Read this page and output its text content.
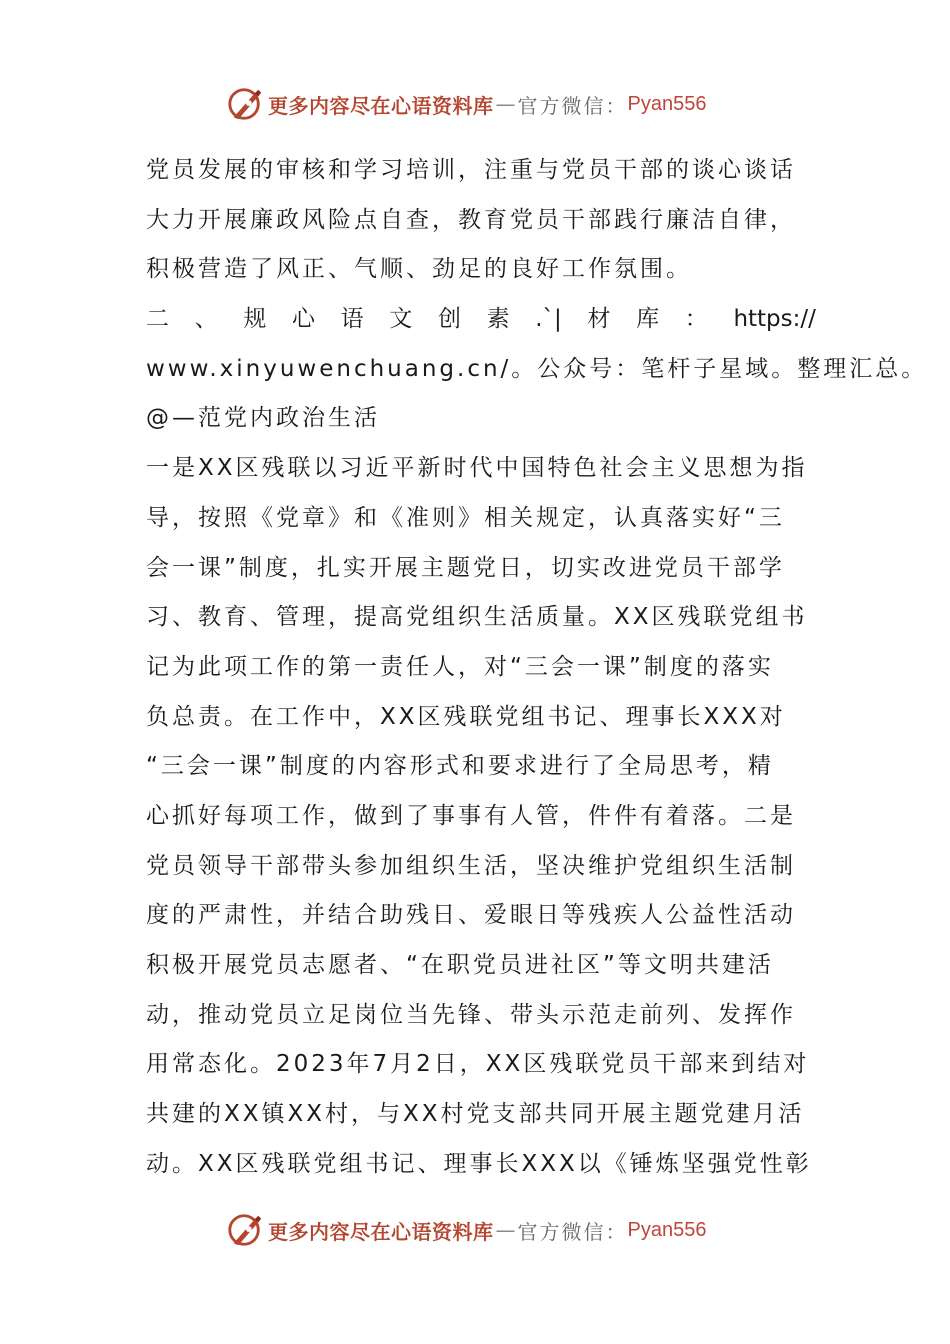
更多内容尽在心语资料库 — 官方微信： Pyan556
党员发展的审核和学习培训，注重与党员干部的谈心谈话
大力开展廉政风险点自查，教育党员干部践行廉洁自律，
积极营造了风正、气顺、劲足的良好工作氛围。
二 、 规 心 语 文 创 素 .`| 材 库 ： https://
www.xinyuwenchuang.cn/。公众号：笔杆子星域。整理汇总。
@—范党内政治生活
一是XX区残联以习近平新时代中国特色社会主义思想为指
导，按照《党章》和《准则》相关规定，认真落实好“三
会一课”制度，扎实开展主题党日，切实改进党员干部学
习、教育、管理，提高党组织生活质量。XX区残联党组书
记为此项工作的第一责任人，对“三会一课”制度的落实
负总责。在工作中，XX区残联党组书记、理事长XXX对
“三会一课”制度的内容形式和要求进行了全局思考，精
心抓好每项工作，做到了事事有人管，件件有着落。二是
党员领导干部带头参加组织生活，坚决维护党组织生活制
度的严肃性，并结合助残日、爱眼日等残疾人公益性活动
积极开展党员志愿者、“在职党员进社区”等文明共建活
动，推动党员立足岗位当先锋、带头示范走前列、发挥作
用常态化。2023年7月2日，XX区残联党员干部来到结对
共建的XX镇XX村，与XX村党支部共同开展主题党建月活
动。XX区残联党组书记、理事长XXX以《锤炼坚强党性彰
更多内容尽在心语资料库 — 官方微信： Pyan556
